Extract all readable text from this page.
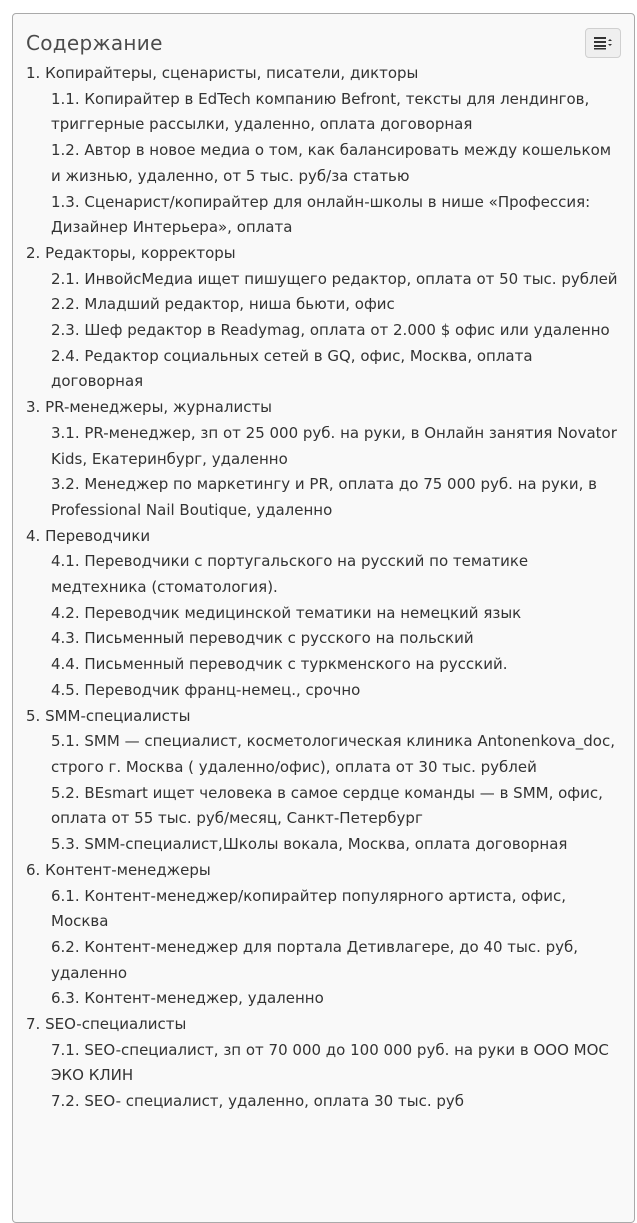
Содержание
1. Копирайтеры, сценаристы, писатели, дикторы
1.1. Копирайтер в EdTech компанию Befront, тексты для лендингов, триггерные рассылки, удаленно, оплата договорная
1.2. Автор в новое медиа о том, как балансировать между кошельком и жизнью, удаленно, от 5 тыс. руб/за статью
1.3. Сценарист/копирайтер для онлайн-школы в нише «Профессия: Дизайнер Интерьера», оплата
2. Редакторы, корректоры
2.1. ИнвойсМедиа ищет пишущего редактор, оплата от 50 тыс. рублей
2.2. Младший редактор, ниша бьюти, офис
2.3. Шеф редактор в Readymag, оплата от 2.000 $ офис или удаленно
2.4. Редактор социальных сетей в GQ, офис, Москва, оплата договорная
3. PR-менеджеры, журналисты
3.1. PR-менеджер, зп от 25 000 руб. на руки, в Онлайн занятия Novator Kids, Екатеринбург, удаленно
3.2. Менеджер по маркетингу и PR, оплата до 75 000 руб. на руки, в Professional Nail Boutique, удаленно
4. Переводчики
4.1. Переводчики с португальского на русский по тематике медтехника (стоматология).
4.2. Переводчик медицинской тематики на немецкий язык
4.3. Письменный переводчик с русского на польский
4.4. Письменный переводчик с туркменского на русский.
4.5. Переводчик франц-немец., срочно
5. SMM-специалисты
5.1. SMM — специалист, косметологическая клиника Antonenkova_doc, строго г. Москва ( удаленно/офис), оплата от 30 тыс. рублей
5.2. BEsmart ищет человека в самое сердце команды — в SMM, офис, оплата от 55 тыс. руб/месяц, Санкт-Петербург
5.3. SMM-специалист,Школы вокала, Москва, оплата договорная
6. Контент-менеджеры
6.1. Контент-менеджер/копирайтер популярного артиста, офис, Москва
6.2. Контент-менеджер для портала Детивлагере, до 40 тыс. руб, удаленно
6.3. Контент-менеджер, удаленно
7. SEO-специалисты
7.1. SEO-специалист, зп от 70 000 до 100 000 руб. на руки в ООО МОС ЭКО КЛИН
7.2. SEO- специалист, удаленно, оплата 30 тыс. руб
